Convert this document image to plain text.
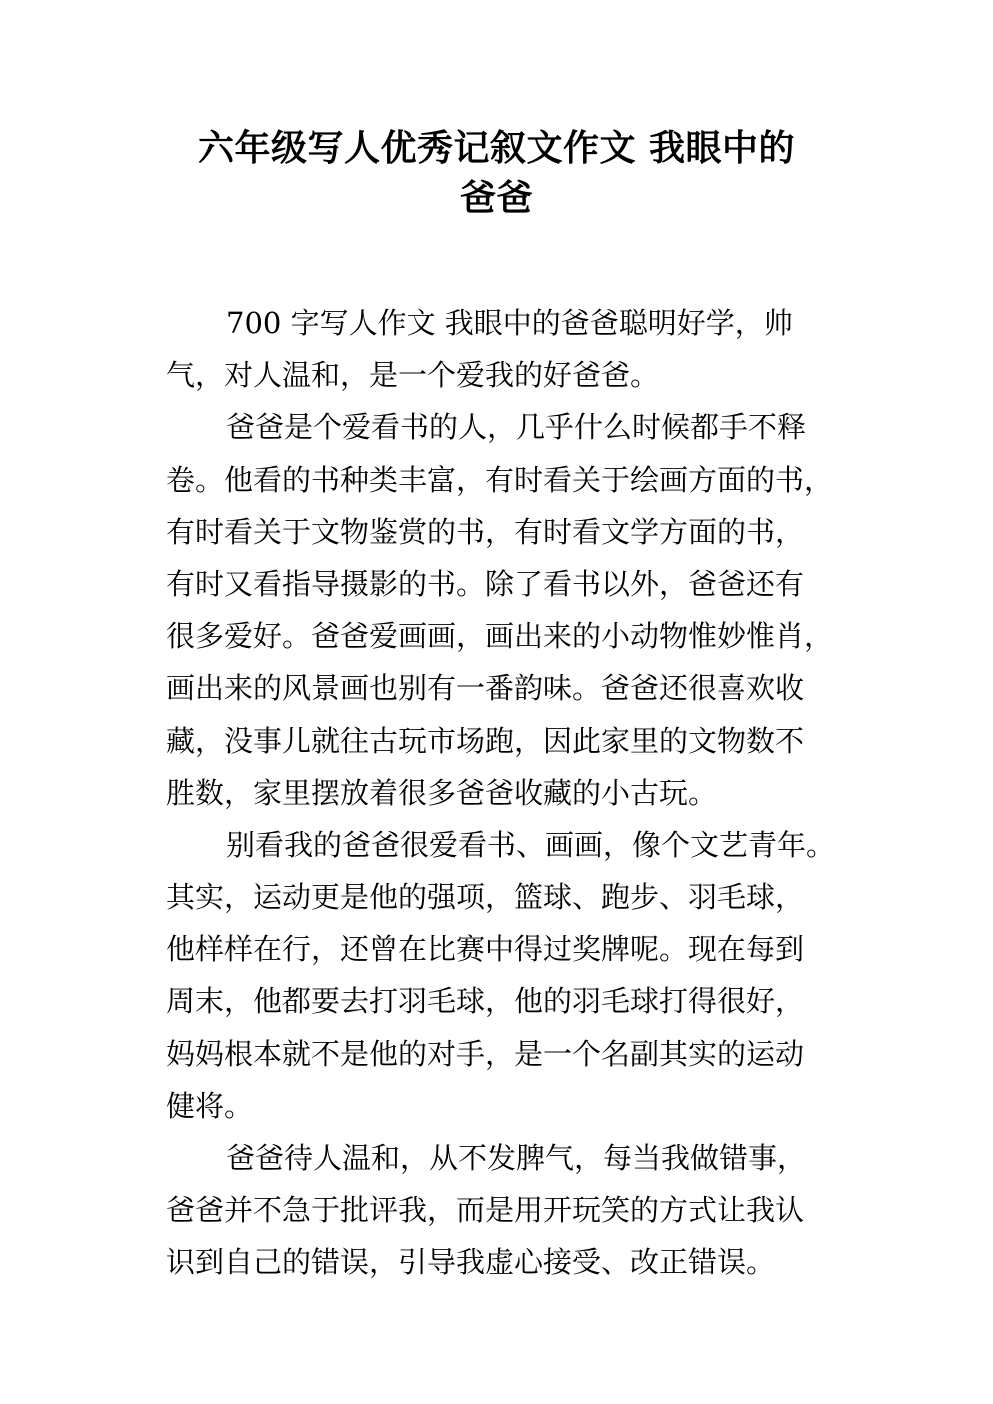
六年级写人优秀记叙文作文 我眼中的
爸爸
700 字写人作文 我眼中的爸爸聪明好学，帅
气，对人温和，是一个爱我的好爸爸。
爸爸是个爱看书的人，几乎什么时候都手不释
卷。他看的书种类丰富，有时看关于绘画方面的书，
有时看关于文物鉴赏的书，有时看文学方面的书，
有时又看指导摄影的书。除了看书以外，爸爸还有
很多爱好。爸爸爱画画，画出来的小动物惟妙惟肖，
画出来的风景画也别有一番韵味。爸爸还很喜欢收
藏，没事儿就往古玩市场跑，因此家里的文物数不
胜数，家里摆放着很多爸爸收藏的小古玩。
别看我的爸爸很爱看书、画画，像个文艺青年。
其实，运动更是他的强项，篮球、跑步、羽毛球，
他样样在行，还曾在比赛中得过奖牌呢。现在每到
周末，他都要去打羽毛球，他的羽毛球打得很好，
妈妈根本就不是他的对手，是一个名副其实的运动
健将。
爸爸待人温和，从不发脾气，每当我做错事，
爸爸并不急于批评我，而是用开玩笑的方式让我认
识到自己的错误，引导我虚心接受、改正错误。
